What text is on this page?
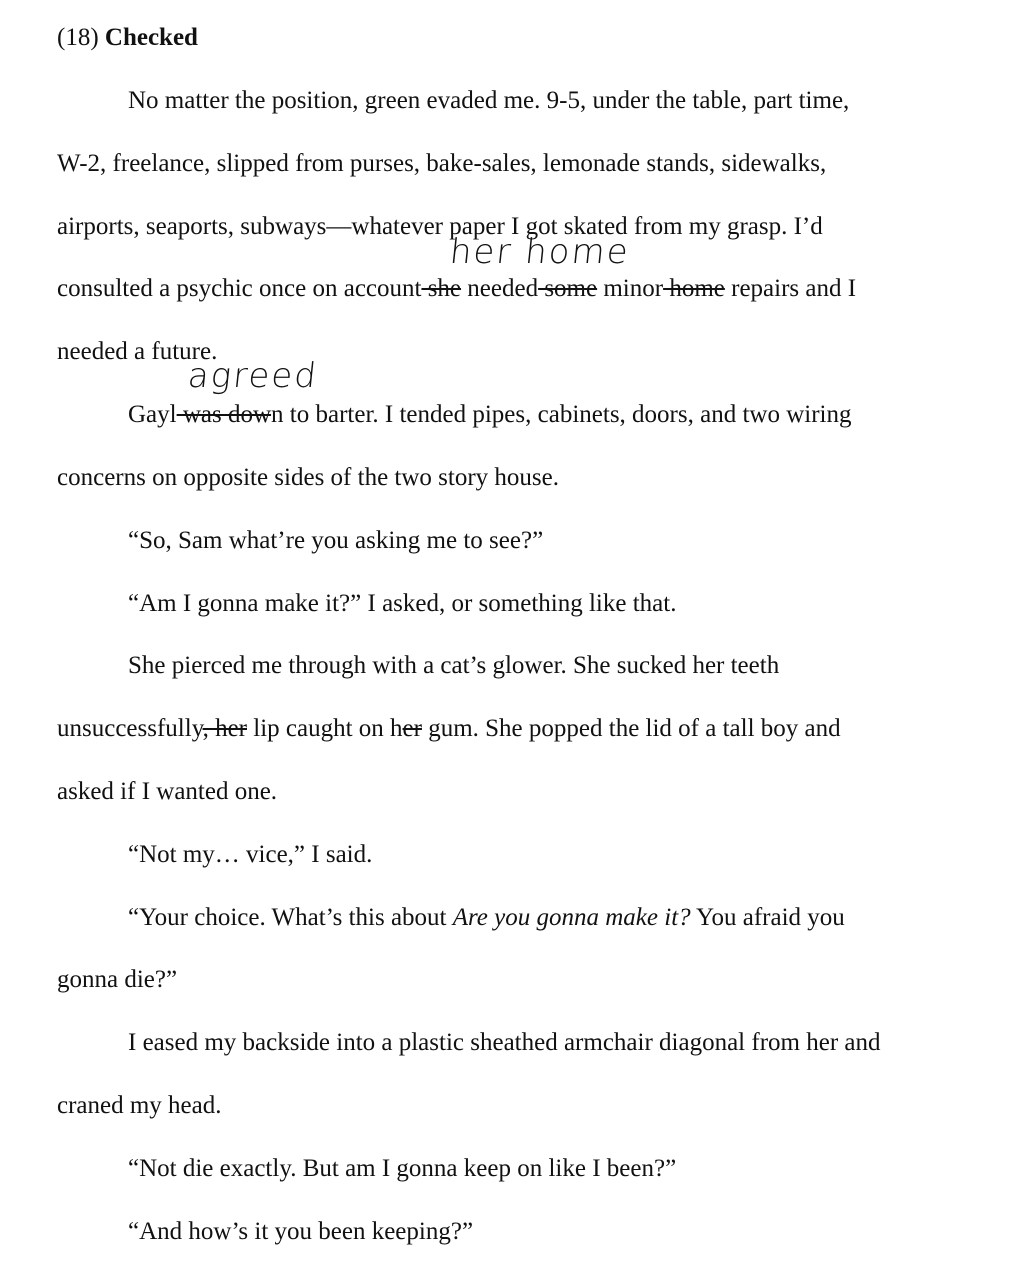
(18) Checked

No matter the position, green evaded me. 9-5, under the table, part time,

W-2, freelance, slipped from purses, bake-sales, lemonade stands, sidewalks,

airports, seaports, subways—whatever paper I got skated from my grasp. I’d

her home

consulted a psychic once on account she needed some minor home repairs and I

needed a future.

agreed

Gayl was down to barter. I tended pipes, cabinets, doors, and two wiring

concerns on opposite sides of the two story house.

“So, Sam what’re you asking me to see?”

“Am I gonna make it?” I asked, or something like that.

She pierced me through with a cat’s glower. She sucked her teeth

unsuccessfully, her lip caught on her gum. She popped the lid of a tall boy and

asked if I wanted one.

“Not my… vice,” I said.

“Your choice. What’s this about Are you gonna make it? You afraid you

gonna die?”

I eased my backside into a plastic sheathed armchair diagonal from her and

craned my head.

“Not die exactly. But am I gonna keep on like I been?”

“And how’s it you been keeping?”
